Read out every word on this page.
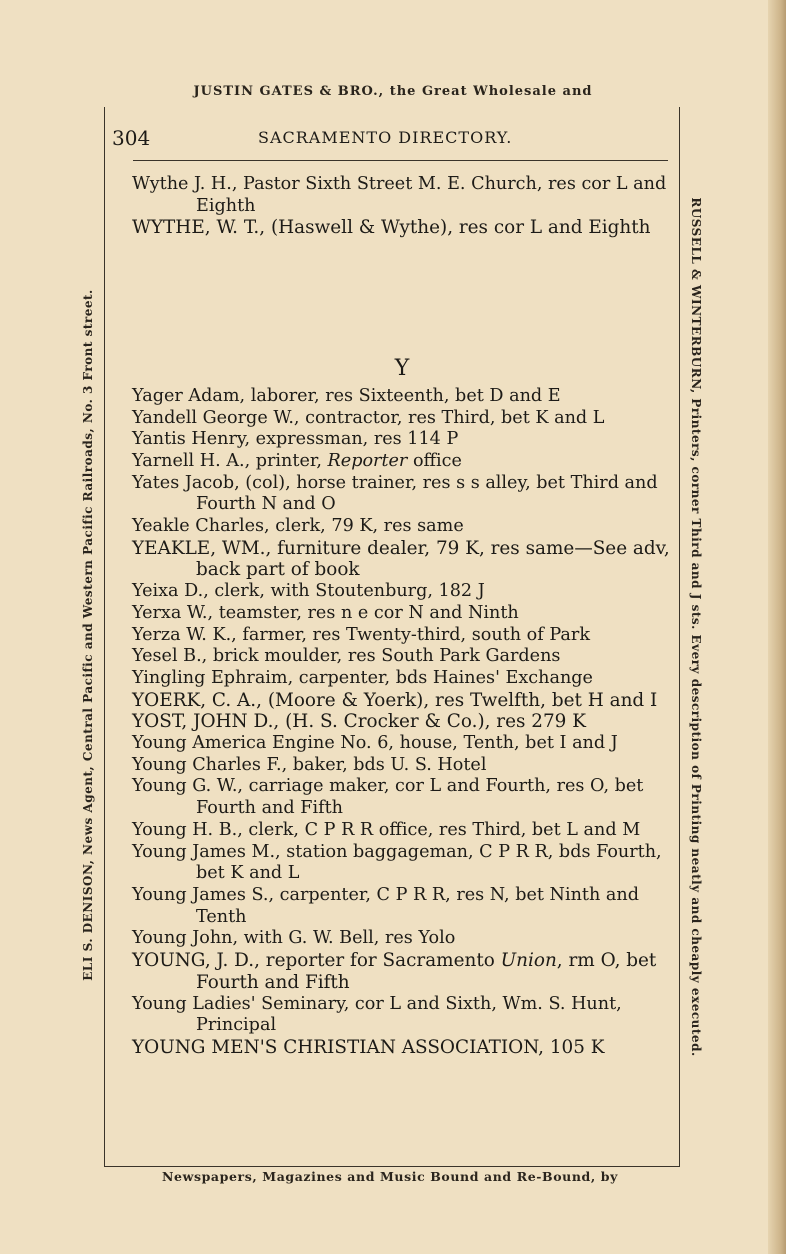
JUSTIN GATES & BRO., the Great Wholesale and
ELI S. DENISON, News Agent, Central Pacific and Western Pacific Railroads, No. 3 Front street.	RUSSELL & WINTERBURN, Printers, corner Third and J sts. Every description of Printing neatly and cheaply executed.
Newspapers, Magazines and Music Bound and Re-Bound, by
304	SACRAMENTO DIRECTORY.

Wythe J. H., Pastor Sixth Street M. E. Church, res cor L and Eighth

WYTHE, W. T., (Haswell & Wythe), res cor L and Eighth

Y

Yager Adam, laborer, res Sixteenth, bet D and E

Yandell George W., contractor, res Third, bet K and L

Yantis Henry, expressman, res 114 P

Yarnell H. A., printer, Reporter office

Yates Jacob, (col), horse trainer, res s s alley, bet Third and Fourth N and O

Yeakle Charles, clerk, 79 K, res same

YEAKLE, WM., furniture dealer, 79 K, res same—See adv, back part of book

Yeixa D., clerk, with Stoutenburg, 182 J

Yerxa W., teamster, res n e cor N and Ninth

Yerza W. K., farmer, res Twenty-third, south of Park

Yesel B., brick moulder, res South Park Gardens

Yingling Ephraim, carpenter, bds Haines' Exchange

YOERK, C. A., (Moore & Yoerk), res Twelfth, bet H and I

YOST, JOHN D., (H. S. Crocker & Co.), res 279 K

Young America Engine No. 6, house, Tenth, bet I and J

Young Charles F., baker, bds U. S. Hotel

Young G. W., carriage maker, cor L and Fourth, res O, bet Fourth and Fifth

Young H. B., clerk, C P R R office, res Third, bet L and M

Young James M., station baggageman, C P R R, bds Fourth, bet K and L

Young James S., carpenter, C P R R, res N, bet Ninth and Tenth

Young John, with G. W. Bell, res Yolo

YOUNG, J. D., reporter for Sacramento Union, rm O, bet Fourth and Fifth

Young Ladies' Seminary, cor L and Sixth, Wm. S. Hunt, Principal

YOUNG MEN'S CHRISTIAN ASSOCIATION, 105 K
